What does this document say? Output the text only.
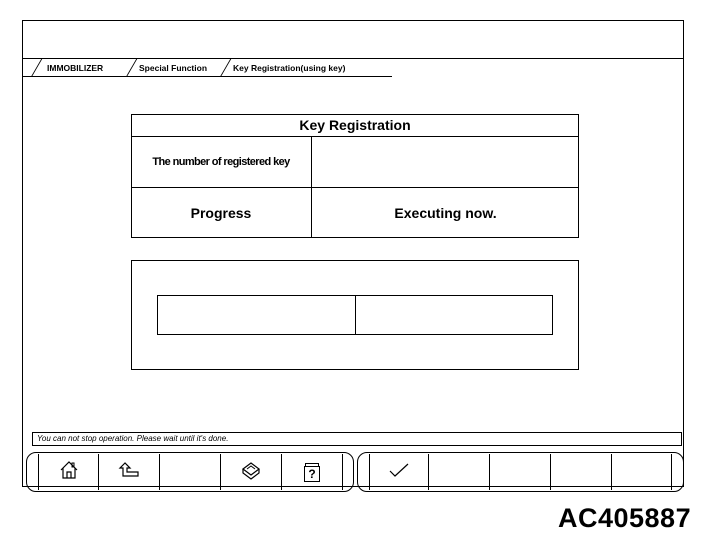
IMMOBILIZER	Special Function	Key Registration(using key)
Key Registration
The number of registered key
Progress	Executing now.
You can not stop operation. Please wait until it's done.
?
AC405887
